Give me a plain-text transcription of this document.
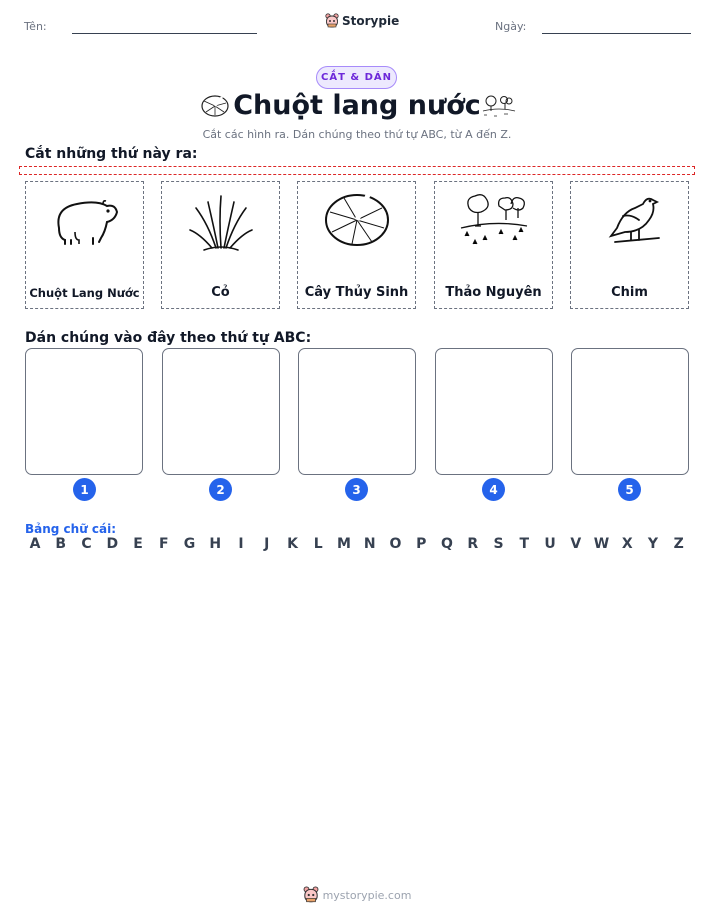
Tên:	Storypie	Ngày:
CẮT & DÁN
Chuột lang nước
Cắt các hình ra. Dán chúng theo thứ tự ABC, từ A đến Z.
Cắt những thứ này ra:
Chuột Lang Nước	Cỏ	Cây Thủy Sinh	Thảo Nguyên	Chim
Dán chúng vào đây theo thứ tự ABC:
1	2	3	4	5
Bảng chữ cái:
A	B	C	D	E	F	G	H	I	J	K	L	M N O	P	Q	R	S	T	U	V W X	Y	Z
mystorypie.com
